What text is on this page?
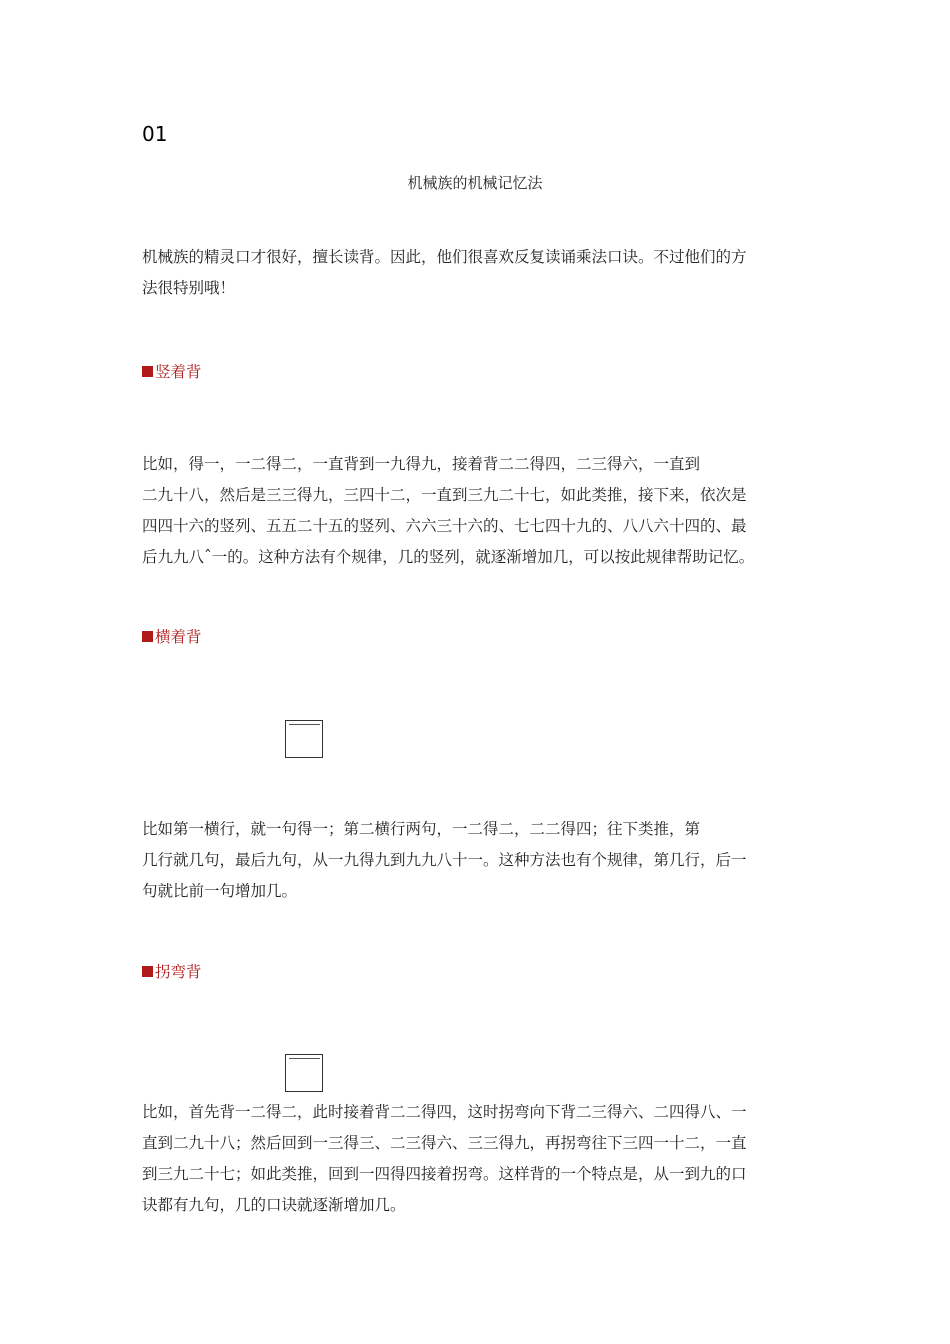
01
机械族的机械记忆法

机械族的精灵口才很好，擅长读背。因此，他们很喜欢反复读诵乘法口诀。不过他们的方
法很特别哦！

竖着背

比如，得一，一二得二，一直背到一九得九，接着背二二得四，二三得六，一直到
二九十八，然后是三三得九，三四十二，一直到三九二十七，如此类推，接下来，依次是
四四十六的竖列、五五二十五的竖列、六六三十六的、七七四十九的、八八六十四的、最
后九九八ˆ一的。这种方法有个规律，几的竖列，就逐渐增加几，可以按此规律帮助记忆。

横着背

比如第一横行，就一句得一；第二横行两句，一二得二，二二得四；往下类推，第
几行就几句，最后九句，从一九得九到九九八十一。这种方法也有个规律，第几行，后一
句就比前一句增加几。

拐弯背

比如，首先背一二得二，此时接着背二二得四，这时拐弯向下背二三得六、二四得八、一
直到二九十八；然后回到一三得三、二三得六、三三得九，再拐弯往下三四一十二，一直
到三九二十七；如此类推，回到一四得四接着拐弯。这样背的一个特点是，从一到九的口
诀都有九句，几的口诀就逐渐增加几。
